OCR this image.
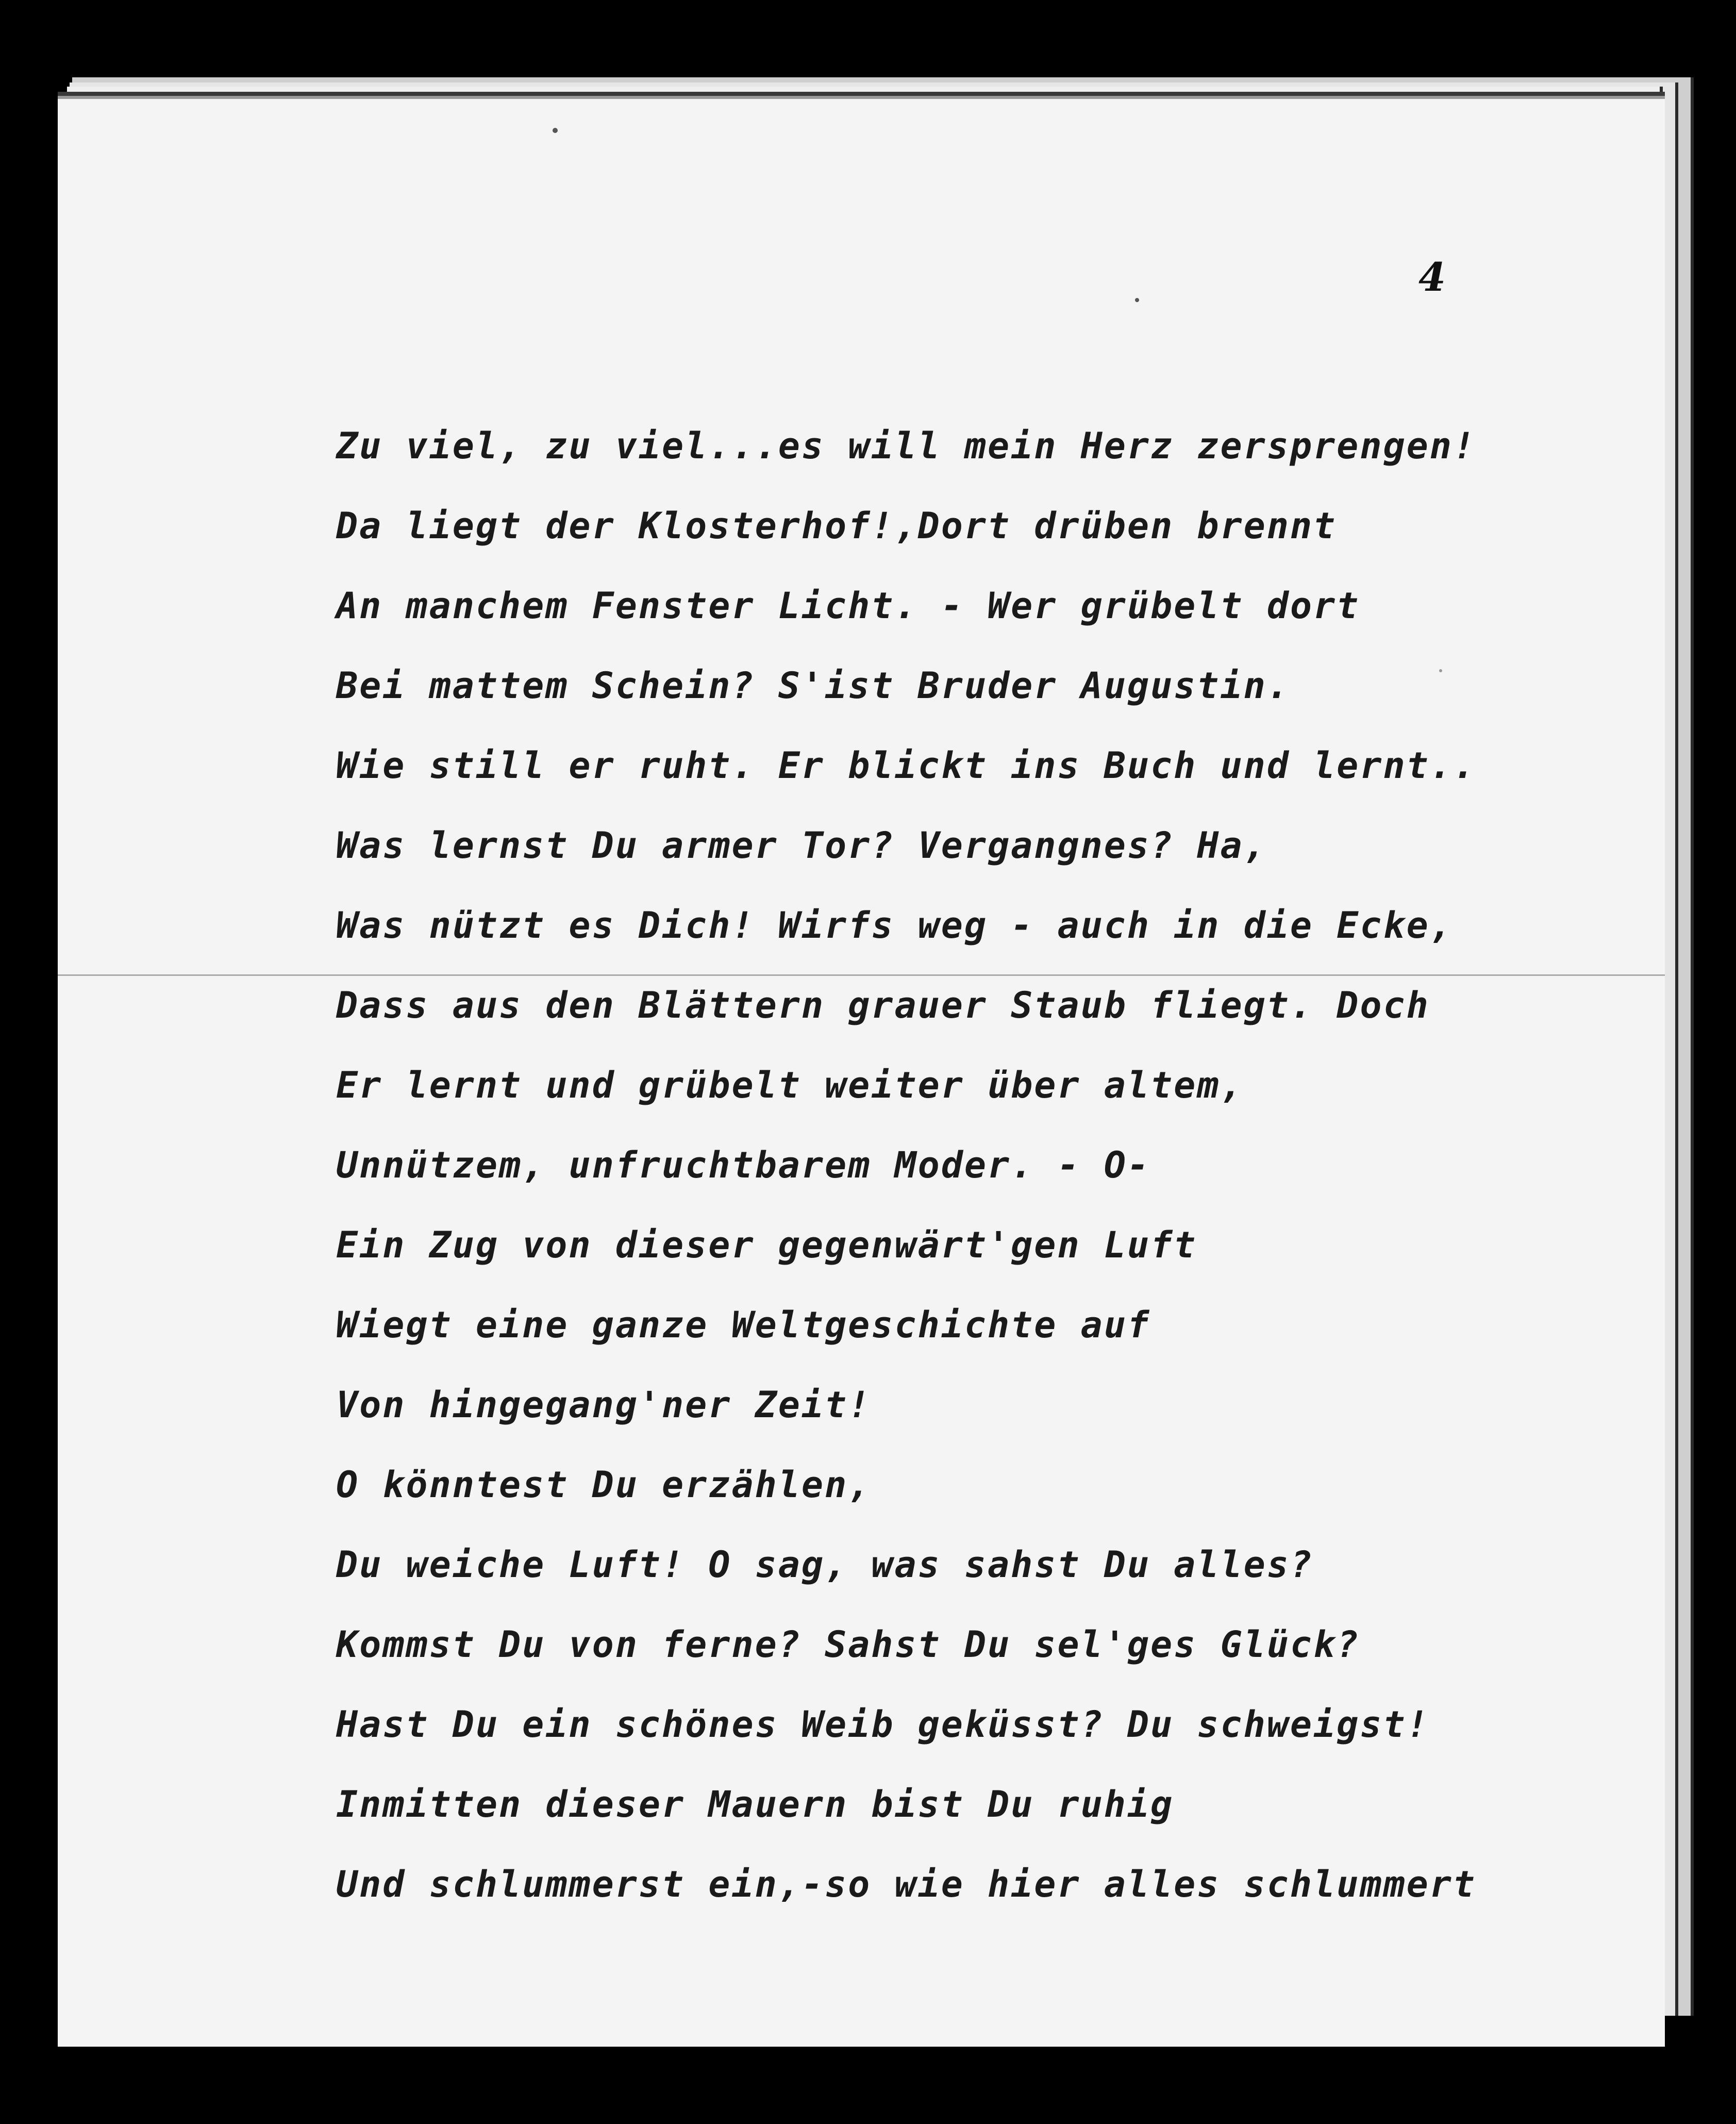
4
Zu viel, zu viel...es will mein Herz zersprengen!
Da liegt der Klosterhof!,Dort drüben brennt
An manchem Fenster Licht. - Wer grübelt dort
Bei mattem Schein? S'ist Bruder Augustin.
Wie still er ruht. Er blickt ins Buch und lernt..
Was lernst Du armer Tor? Vergangnes? Ha,
Was nützt es Dich! Wirfs weg - auch in die Ecke,
Dass aus den Blättern grauer Staub fliegt. Doch
Er lernt und grübelt weiter über altem,
Unnützem, unfruchtbarem Moder. - O-
Ein Zug von dieser gegenwärt'gen Luft
Wiegt eine ganze Weltgeschichte auf
Von hingegang'ner Zeit!
O könntest Du erzählen,
Du weiche Luft! O sag, was sahst Du alles?
Kommst Du von ferne? Sahst Du sel'ges Glück?
Hast Du ein schönes Weib geküsst? Du schweigst!
Inmitten dieser Mauern bist Du ruhig
Und schlummerst ein,-so wie hier alles schlummert
